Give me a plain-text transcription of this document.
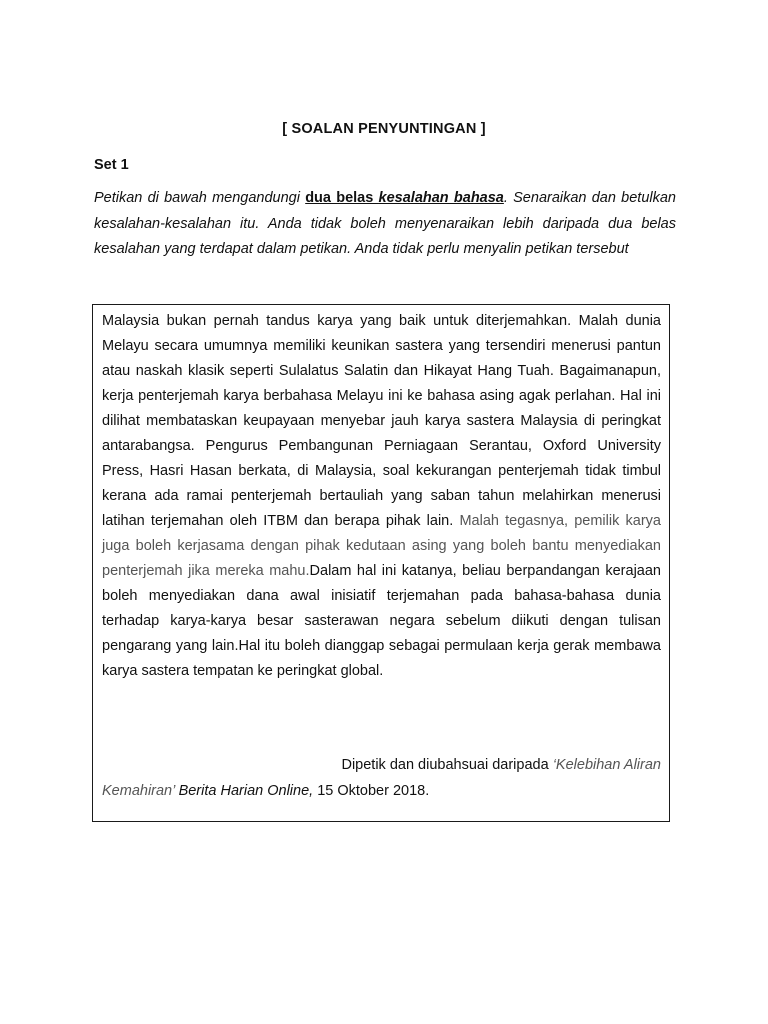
[ SOALAN PENYUNTINGAN ]
Set 1
Petikan di bawah mengandungi dua belas kesalahan bahasa. Senaraikan dan betulkan kesalahan-kesalahan itu. Anda tidak boleh menyenaraikan lebih daripada dua belas kesalahan yang terdapat dalam petikan. Anda tidak perlu menyalin petikan tersebut

Malaysia bukan pernah tandus karya yang baik untuk diterjemahkan. Malah dunia Melayu secara umumnya memiliki keunikan sastera yang tersendiri menerusi pantun atau naskah klasik seperti Sulalatus Salatin dan Hikayat Hang Tuah. Bagaimanapun, kerja penterjemah karya berbahasa Melayu ini ke bahasa asing agak perlahan. Hal ini dilihat membataskan keupayaan menyebar jauh karya sastera Malaysia di peringkat antarabangsa. Pengurus Pembangunan Perniagaan Serantau, Oxford University Press, Hasri Hasan berkata, di Malaysia, soal kekurangan penterjemah tidak timbul kerana ada ramai penterjemah bertauliah yang saban tahun melahirkan menerusi latihan terjemahan oleh ITBM dan berapa pihak lain. Malah tegasnya, pemilik karya juga boleh kerjasama dengan pihak kedutaan asing yang boleh bantu menyediakan penterjemah jika mereka mahu.Dalam hal ini katanya, beliau berpandangan kerajaan boleh menyediakan dana awal inisiatif terjemahan pada bahasa-bahasa dunia terhadap karya-karya besar sasterawan negara sebelum diikuti dengan tulisan pengarang yang lain.Hal itu boleh dianggap sebagai permulaan kerja gerak membawa karya sastera tempatan ke peringkat global.

Dipetik dan diubahsuai daripada ‘Kelebihan Aliran
Kemahiran’ Berita Harian Online, 15 Oktober 2018.
